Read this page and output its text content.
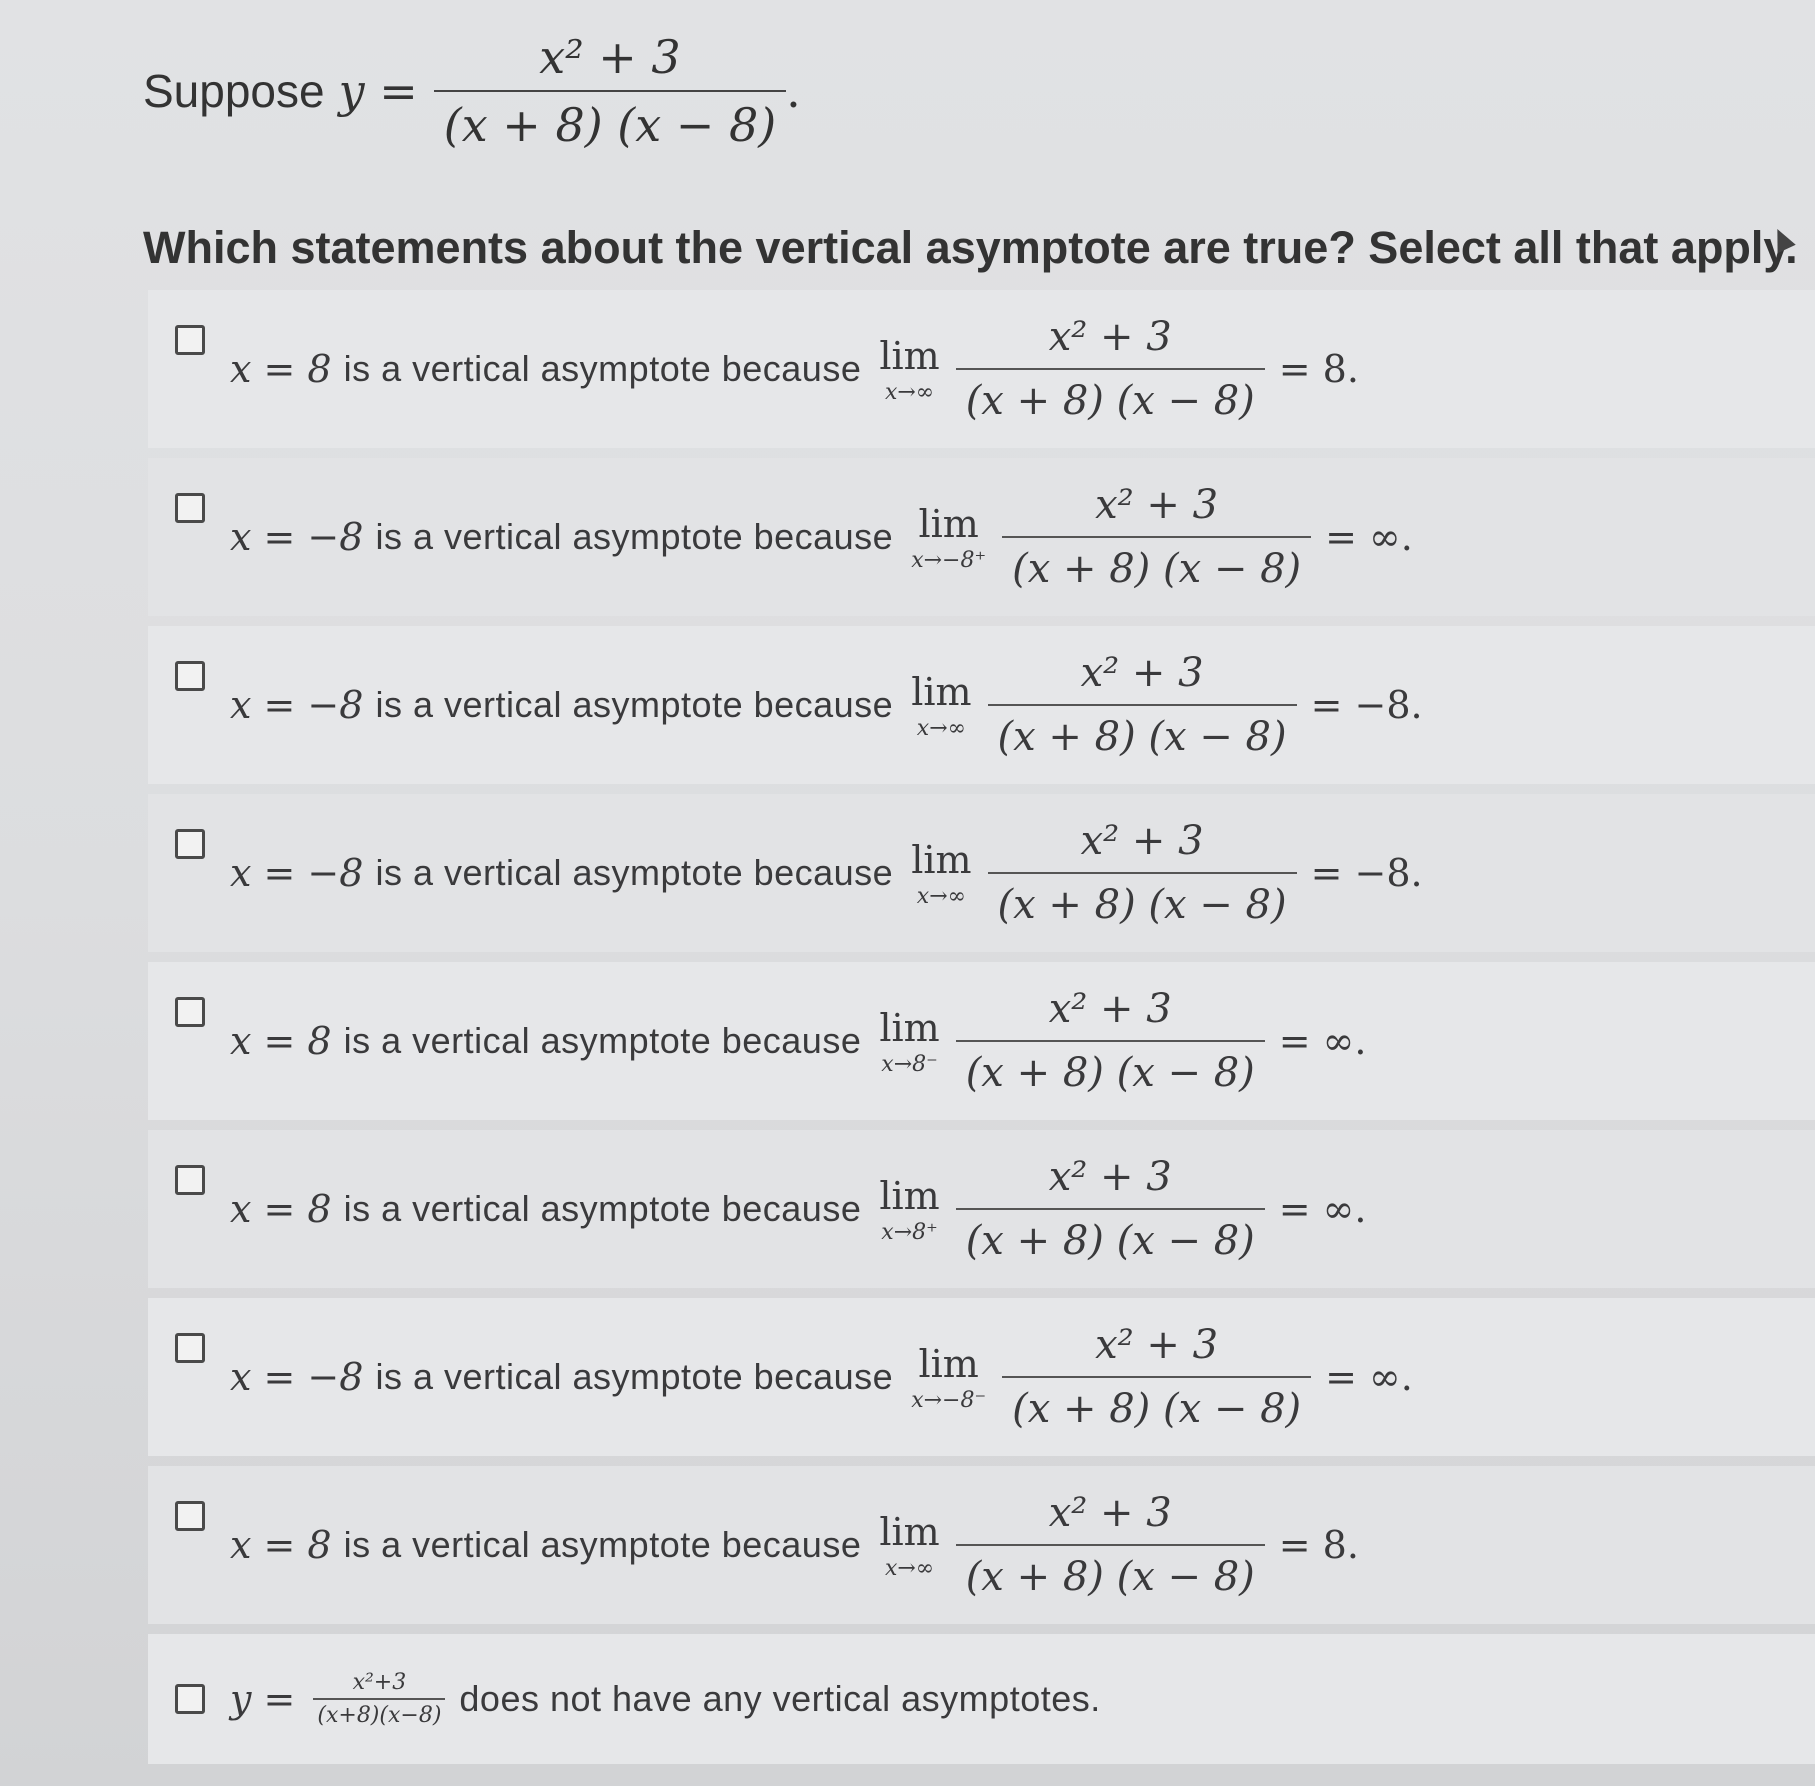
Suppose $y = \frac{\text{x² + 3}}{(x + 8) (x - 8)}$ .
Which statements about the vertical asymptote are true? Select all that apply.
x = 8 is a vertical asymptote because lim
$x\to\infty \frac{\text{x² + 3}}{(x + 8) (x - 8)} = 8$.
x = −8 is a vertical asymptote because lim
$x\to-8^+ \frac{\text{x² + 3}}{(x + 8) (x - 8)}$ = ∞.
x = −8 is a vertical asymptote because lim
$x\to\infty \frac{\text{x² + 3}}{(x + 8) (x - 8)} = -8$.
x = −8 is a vertical asymptote because lim
$x\to\infty \frac{\text{x² + 3}}{(x + 8) (x - 8)} = -8$.
x = 8 is a vertical asymptote because lim
$x\to 8^- \frac{\text{x² + 3}}{(x + 8) (x - 8)}$ = ∞.
x = 8 is a vertical asymptote because lim
$x\to 8^+ \frac{\text{x² + 3}}{(x + 8) (x - 8)}$ = ∞.
x = −8 is a vertical asymptote because lim
$x\to-8^- \frac{\text{x² + 3}}{(x + 8) (x - 8)}$ = ∞.
x = 8 is a vertical asymptote because lim
$x\to\infty \frac{\text{x² + 3}}{(x + 8) (x - 8)} = 8$.
$y = \frac{\text{x²+3}}{(x+8)(x-8)}$ does not have any vertical asymptotes.
